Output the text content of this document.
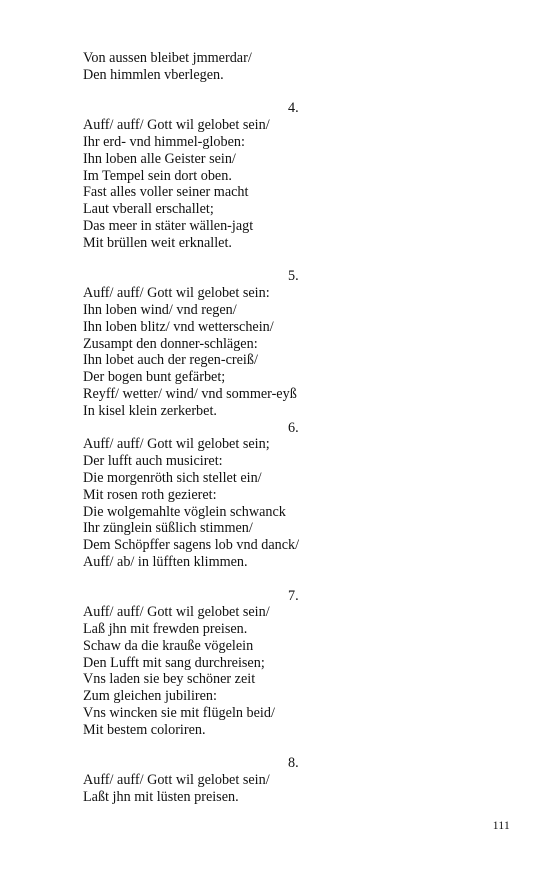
Von aussen bleibet jmmerdar/
Den himmlen vberlegen.
4.
Auff/ auff/ Gott wil gelobet sein/
Ihr erd- vnd himmel-globen:
Ihn loben alle Geister sein/
Im Tempel sein dort oben.
Fast alles voller seiner macht
Laut vberall erschallet;
Das meer in stäter wällen-jagt
Mit brüllen weit erknallet.
5.
Auff/ auff/ Gott wil gelobet sein:
Ihn loben wind/ vnd regen/
Ihn loben blitz/ vnd wetterschein/
Zusampt den donner-schlägen:
Ihn lobet auch der regen-creiß/
Der bogen bunt gefärbet;
Reyff/ wetter/ wind/ vnd sommer-eyß
In kisel klein zerkerbet.
6.
Auff/ auff/ Gott wil gelobet sein;
Der lufft auch musiciret:
Die morgenröth sich stellet ein/
Mit rosen roth gezieret:
Die wolgemahlte vöglein schwanck
Ihr zünglein süßlich stimmen/
Dem Schöpffer sagens lob vnd danck/
Auff/ ab/ in lüfften klimmen.
7.
Auff/ auff/ Gott wil gelobet sein/
Laß jhn mit frewden preisen.
Schaw da die krauße vögelein
Den Lufft mit sang durchreisen;
Vns laden sie bey schöner zeit
Zum gleichen jubiliren:
Vns wincken sie mit flügeln beid/
Mit bestem coloriren.
8.
Auff/ auff/ Gott wil gelobet sein/
Laßt jhn mit lüsten preisen.
111
